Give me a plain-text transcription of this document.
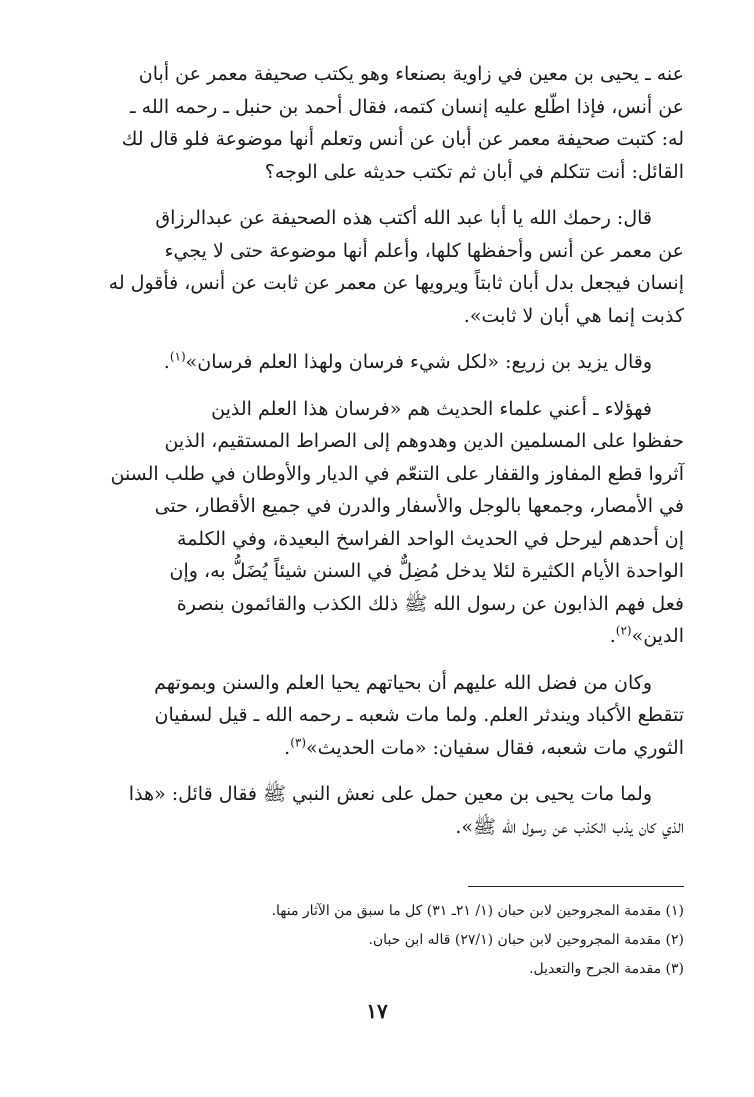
عنه ـ يحيى بن معين في زاوية بصنعاء وهو يكتب صحيفة معمر عن أبان

عن أنس، فإذا اطّلع عليه إنسان كتمه، فقال أحمد بن حنبل ـ رحمه الله ـ

له: كتبت صحيفة معمر عن أبان عن أنس وتعلم أنها موضوعة فلو قال لك

القائل: أنت تتكلم في أبان ثم تكتب حديثه على الوجه؟

قال: رحمك الله يا أبا عبد الله أكتب هذه الصحيفة عن عبدالرزاق

عن معمر عن أنس وأحفظها كلها، وأعلم أنها موضوعة حتى لا يجيء

إنسان فيجعل بدل أبان ثابتاً ويرويها عن معمر عن ثابت عن أنس، فأقول له

كذبت إنما هي أبان لا ثابت».

وقال يزيد بن زريع: «لكل شيء فرسان ولهذا العلم فرسان»$^{(١)}$.

فهؤلاء ـ أعني علماء الحديث هم «فرسان هذا العلم الذين

حفظوا على المسلمين الدين وهدوهم إلى الصراط المستقيم، الذين

آثروا قطع المفاوز والقفار على التنعّم في الديار والأوطان في طلب السنن

في الأمصار، وجمعها بالوجل والأسفار والدرن في جميع الأقطار، حتى

إن أحدهم ليرحل في الحديث الواحد الفراسخ البعيدة، وفي الكلمة

الواحدة الأيام الكثيرة لئلا يدخل مُضِلٌّ في السنن شيئاً يُضَلُّ به، وإن

فعل فهم الذابون عن رسول الله ﷺ ذلك الكذب والقائمون بنصرة

الدين»$^{(٢)}$.

وكان من فضل الله عليهم أن بحياتهم يحيا العلم والسنن وبموتهم

تتقطع الأكباد ويندثر العلم. ولما مات شعبه ـ رحمه الله ـ قيل لسفيان

الثوري مات شعبه، فقال سفيان: «مات الحديث»$^{(٣)}$.

ولما مات يحيى بن معين حمل على نعش النبي ﷺ فقال قائل: «هذا

الذي كان يذب الكذب عن رسول الله ﷺ».

(١) مقدمة المجروحين لابن حبان (١/ ٢١ـ ٣١) كل ما سبق من الآثار منها.
(٢) مقدمة المجروحين لابن حبان (٢٧/١) قاله ابن حبان.
(٣) مقدمة الجرح والتعديل.
١٧
